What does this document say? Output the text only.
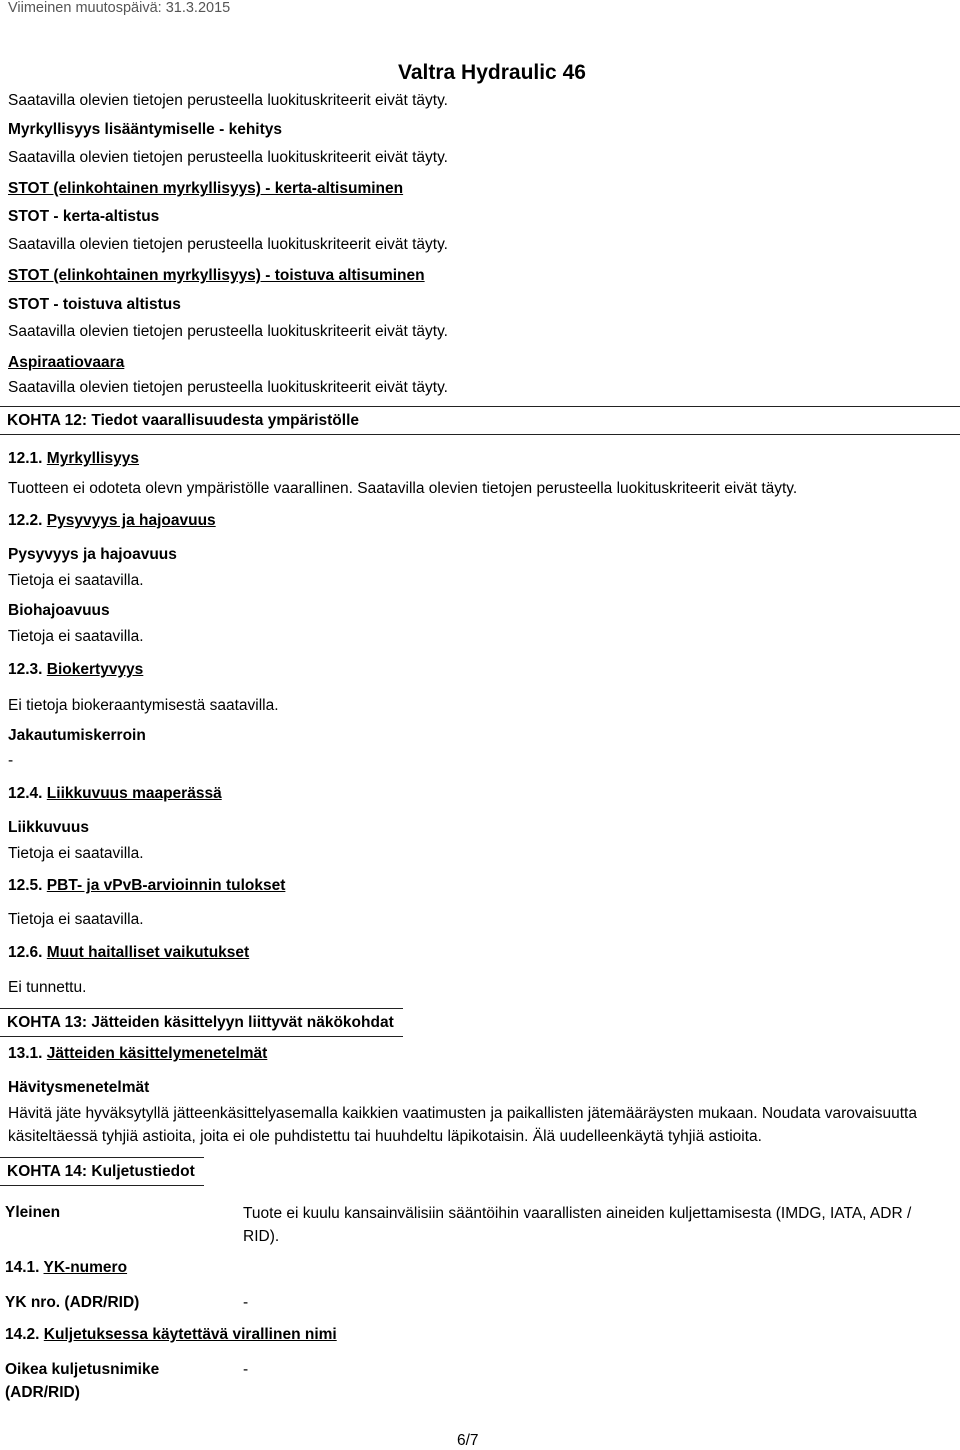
Viimeinen muutospäivä: 31.3.2015
Valtra Hydraulic 46
Saatavilla olevien tietojen perusteella luokituskriteerit eivät täyty.
Myrkyllisyys lisääntymiselle - kehitys
Saatavilla olevien tietojen perusteella luokituskriteerit eivät täyty.
STOT (elinkohtainen myrkyllisyys) - kerta-altisuminen
STOT - kerta-altistus
Saatavilla olevien tietojen perusteella luokituskriteerit eivät täyty.
STOT (elinkohtainen myrkyllisyys) - toistuva altisuminen
STOT - toistuva altistus
Saatavilla olevien tietojen perusteella luokituskriteerit eivät täyty.
Aspiraatiovaara
Saatavilla olevien tietojen perusteella luokituskriteerit eivät täyty.
KOHTA 12: Tiedot vaarallisuudesta ympäristölle
12.1. Myrkyllisyys
Tuotteen ei odoteta olevn ympäristölle vaarallinen. Saatavilla olevien tietojen perusteella luokituskriteerit eivät täyty.
12.2. Pysyvyys ja hajoavuus
Pysyvyys ja hajoavuus
Tietoja ei saatavilla.
Biohajoavuus
Tietoja ei saatavilla.
12.3. Biokertyvyys
Ei tietoja biokeraantymisestä saatavilla.
Jakautumiskerroin
-
12.4. Liikkuvuus maaperässä
Liikkuvuus
Tietoja ei saatavilla.
12.5. PBT- ja vPvB-arvioinnin tulokset
Tietoja ei saatavilla.
12.6. Muut haitalliset vaikutukset
Ei tunnettu.
KOHTA 13: Jätteiden käsittelyyn liittyvät näkökohdat
13.1. Jätteiden käsittelymenetelmät
Hävitysmenetelmät
Hävitä jäte hyväksytyllä jätteenkäsittelyasemalla kaikkien vaatimusten ja paikallisten jätemääräysten mukaan. Noudata varovaisuutta käsiteltäessä tyhjiä astioita, joita ei ole puhdistettu tai huuhdeltu läpikotaisin. Älä uudelleenkäytä tyhjiä astioita.
KOHTA 14: Kuljetustiedot
Yleinen	Tuote ei kuulu kansainvälisiin sääntöihin vaarallisten aineiden kuljettamisesta (IMDG, IATA, ADR / RID).
14.1. YK-numero
YK nro. (ADR/RID)	-
14.2. Kuljetuksessa käytettävä virallinen nimi
Oikea kuljetusnimike
(ADR/RID)
-
6/7
